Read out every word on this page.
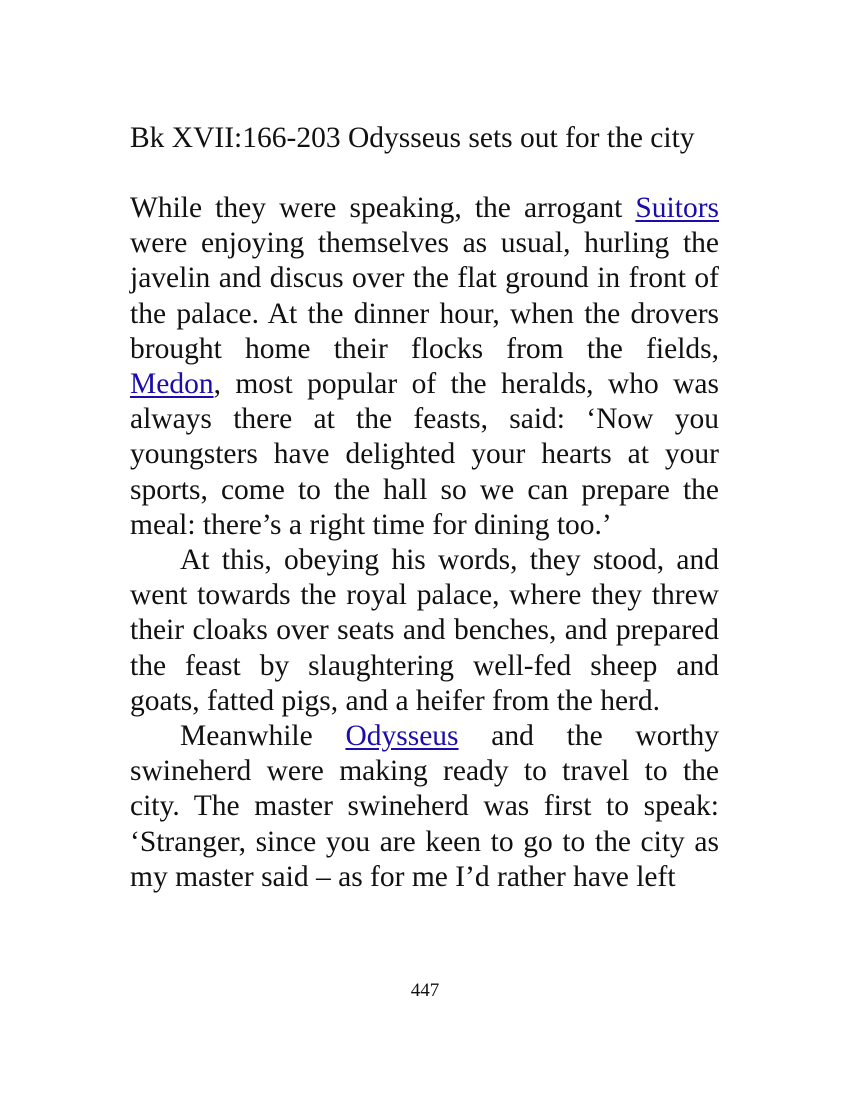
Bk XVII:166-203 Odysseus sets out for the city

While they were speaking, the arrogant Suitors were enjoying themselves as usual, hurling the javelin and discus over the flat ground in front of the palace. At the dinner hour, when the drovers brought home their flocks from the fields, Medon, most popular of the heralds, who was always there at the feasts, said: ‘Now you youngsters have delighted your hearts at your sports, come to the hall so we can prepare the meal: there’s a right time for dining too.’

At this, obeying his words, they stood, and went towards the royal palace, where they threw their cloaks over seats and benches, and prepared the feast by slaughtering well-fed sheep and goats, fatted pigs, and a heifer from the herd.

Meanwhile Odysseus and the worthy swineherd were making ready to travel to the city. The master swineherd was first to speak: ‘Stranger, since you are keen to go to the city as my master said – as for me I’d rather have left

447
